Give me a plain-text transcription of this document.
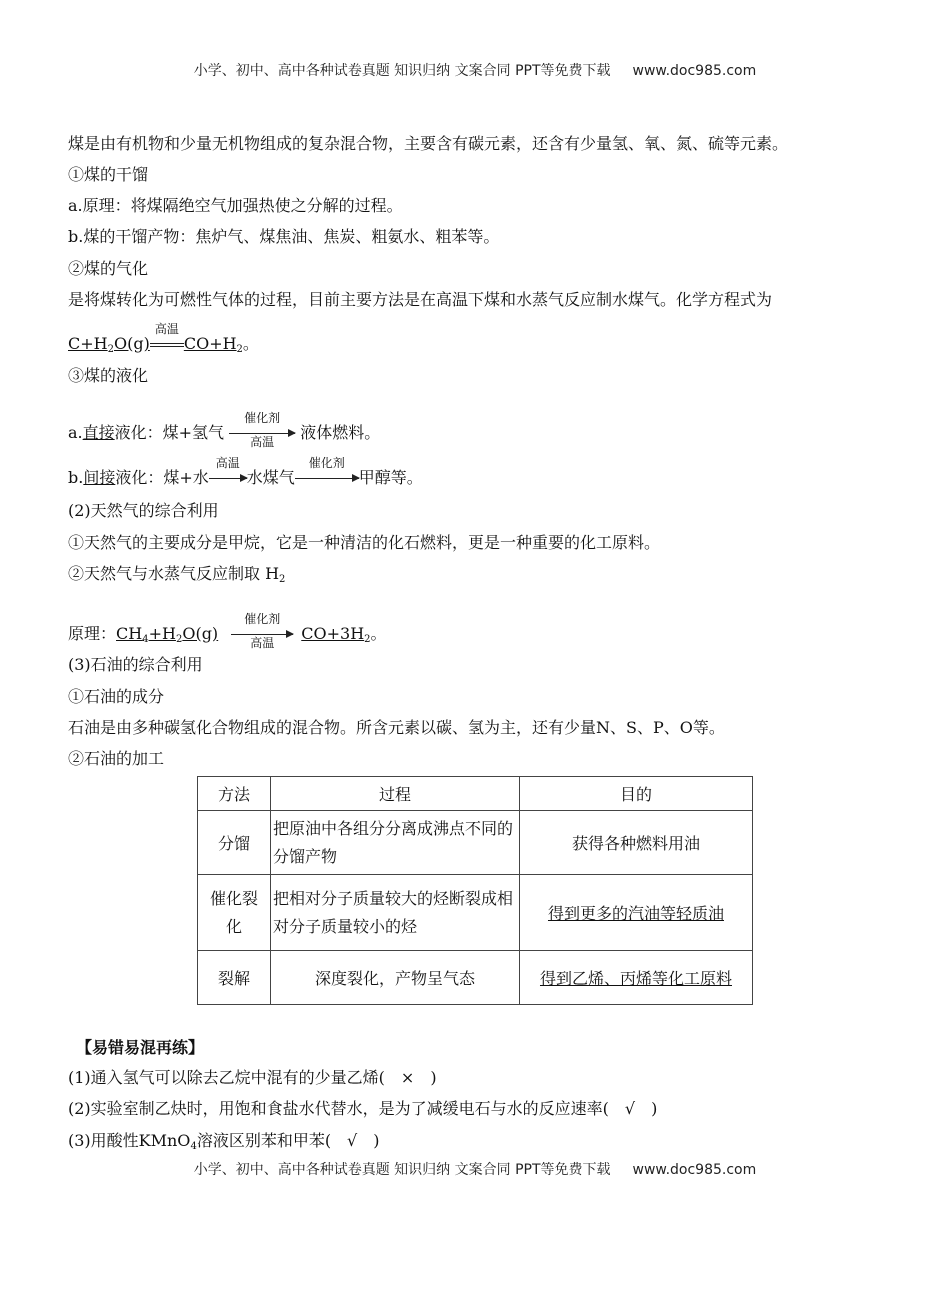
小学、初中、高中各种试卷真题 知识归纳 文案合同 PPT等免费下载 www.doc985.com
煤是由有机物和少量无机物组成的复杂混合物，主要含有碳元素，还含有少量氢、氧、氮、硫等元素。
①煤的干馏
a.原理：将煤隔绝空气加强热使之分解的过程。
b.煤的干馏产物：焦炉气、煤焦油、焦炭、粗氨水、粗苯等。
②煤的气化
是将煤转化为可燃性气体的过程，目前主要方法是在高温下煤和水蒸气反应制水煤气。化学方程式为
$C+H_2O(g)$
高温
$CO+H_2$。
③煤的液化
a.直接液化：煤+氢气
催化剂
高温	液体燃料。
b.间接液化：煤+水
高温
水煤气
催化剂
甲醇等。
(2)天然气的综合利用
①天然气的主要成分是甲烷，它是一种清洁的化石燃料，更是一种重要的化工原料。
②天然气与水蒸气反应制取 $H_2$
原理：$CH_4+H_2O(g)$
催化剂
高温	$CO+3H_2$。
(3)石油的综合利用
①石油的成分
石油是由多种碳氢化合物组成的混合物。所含元素以碳、氢为主，还有少量N、S、P、O等。
②石油的加工
方法	过程	目的
分馏	把原油中各组分分离成沸点不同的分馏产物	获得各种燃料用油
催化裂化	把相对分子质量较大的烃断裂成相对分子质量较小的烃	得到更多的汽油等轻质油
裂解	深度裂化，产物呈气态	得到乙烯、丙烯等化工原料
【易错易混再练】
(1)通入氢气可以除去乙烷中混有的少量乙烯(　×　)
(2)实验室制乙炔时，用饱和食盐水代替水，是为了减缓电石与水的反应速率(　√　)
(3)用酸性KMnO$_4$溶液区别苯和甲苯(　√　)
小学、初中、高中各种试卷真题 知识归纳 文案合同 PPT等免费下载 www.doc985.com
